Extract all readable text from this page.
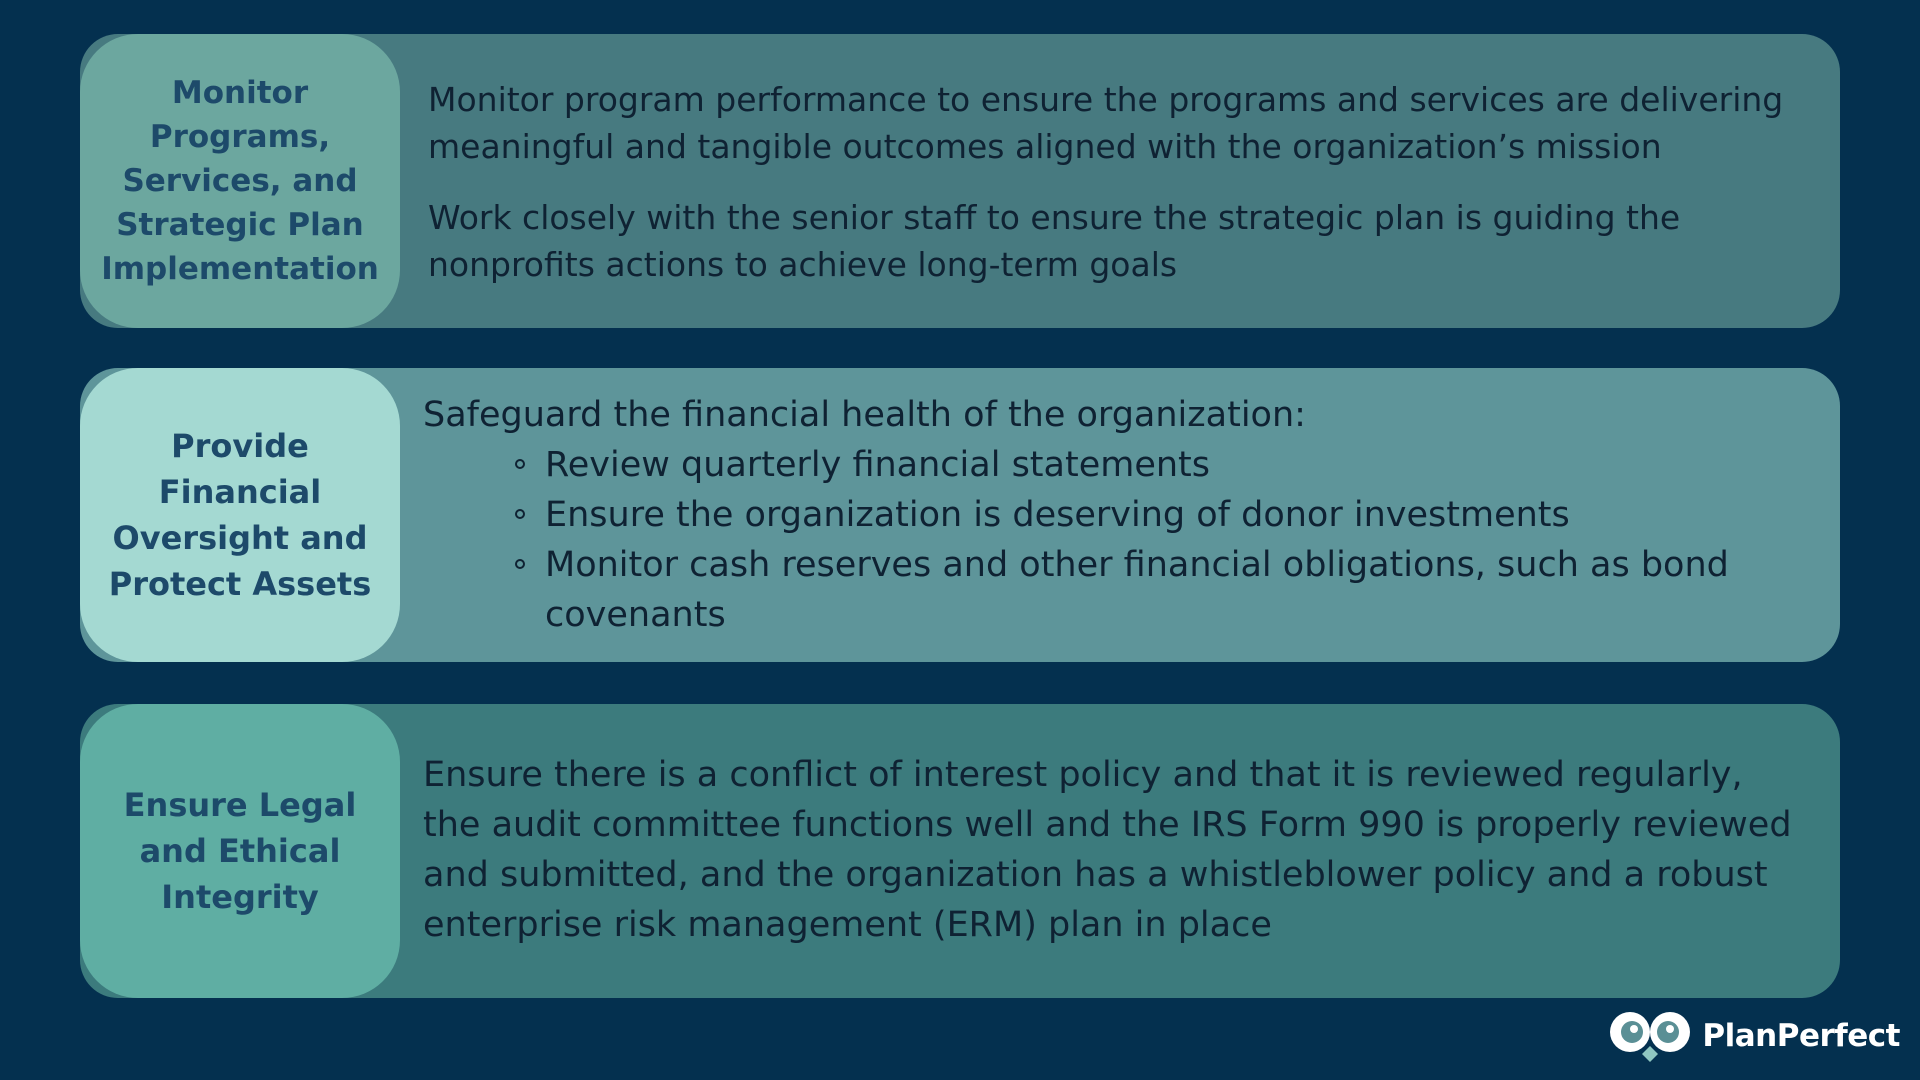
Monitor Programs, Services, and Strategic Plan Implementation

Monitor program performance to ensure the programs and services are delivering meaningful and tangible outcomes aligned with the organization’s mission

Work closely with the senior staff to ensure the strategic plan is guiding the nonprofits actions to achieve long-term goals

Provide Financial Oversight and Protect Assets

Safeguard the financial health of the organization:

Review quarterly financial statements
Ensure the organization is deserving of donor investments
Monitor cash reserves and other financial obligations, such as bond covenants
Ensure Legal and Ethical Integrity

Ensure there is a conflict of interest policy and that it is reviewed regularly, the audit committee functions well and the IRS Form 990 is properly reviewed and submitted, and the organization has a whistleblower policy and a robust enterprise risk management (ERM) plan in place

PlanPerfect
